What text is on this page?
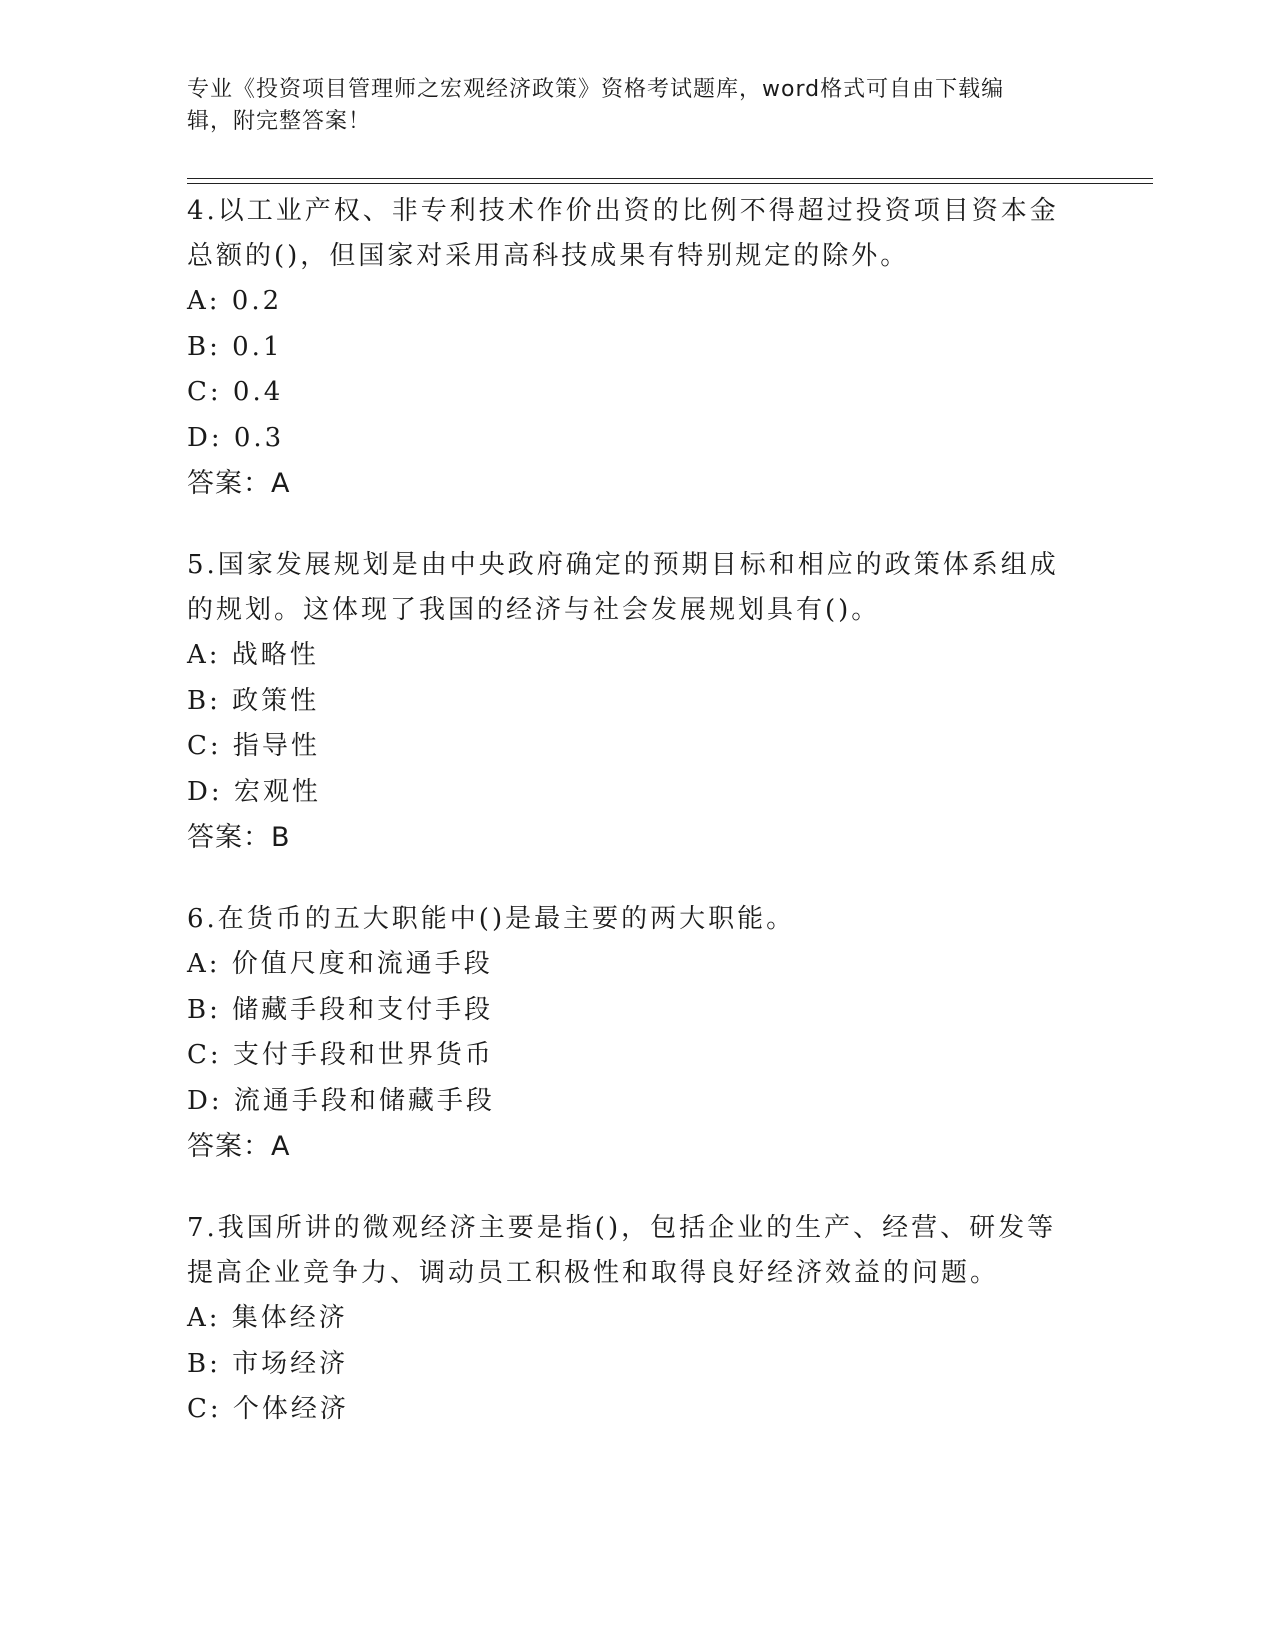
专业《投资项目管理师之宏观经济政策》资格考试题库，word格式可自由下载编
辑，附完整答案！
4.以工业产权、非专利技术作价出资的比例不得超过投资项目资本金
总额的()，但国家对采用高科技成果有特别规定的除外。
A: 0.2
B: 0.1
C: 0.4
D: 0.3
答案：A
5.国家发展规划是由中央政府确定的预期目标和相应的政策体系组成
的规划。这体现了我国的经济与社会发展规划具有()。
A: 战略性
B: 政策性
C: 指导性
D: 宏观性
答案：B
6.在货币的五大职能中()是最主要的两大职能。
A: 价值尺度和流通手段
B: 储藏手段和支付手段
C: 支付手段和世界货币
D: 流通手段和储藏手段
答案：A
7.我国所讲的微观经济主要是指()，包括企业的生产、经营、研发等
提高企业竞争力、调动员工积极性和取得良好经济效益的问题。
A: 集体经济
B: 市场经济
C: 个体经济
